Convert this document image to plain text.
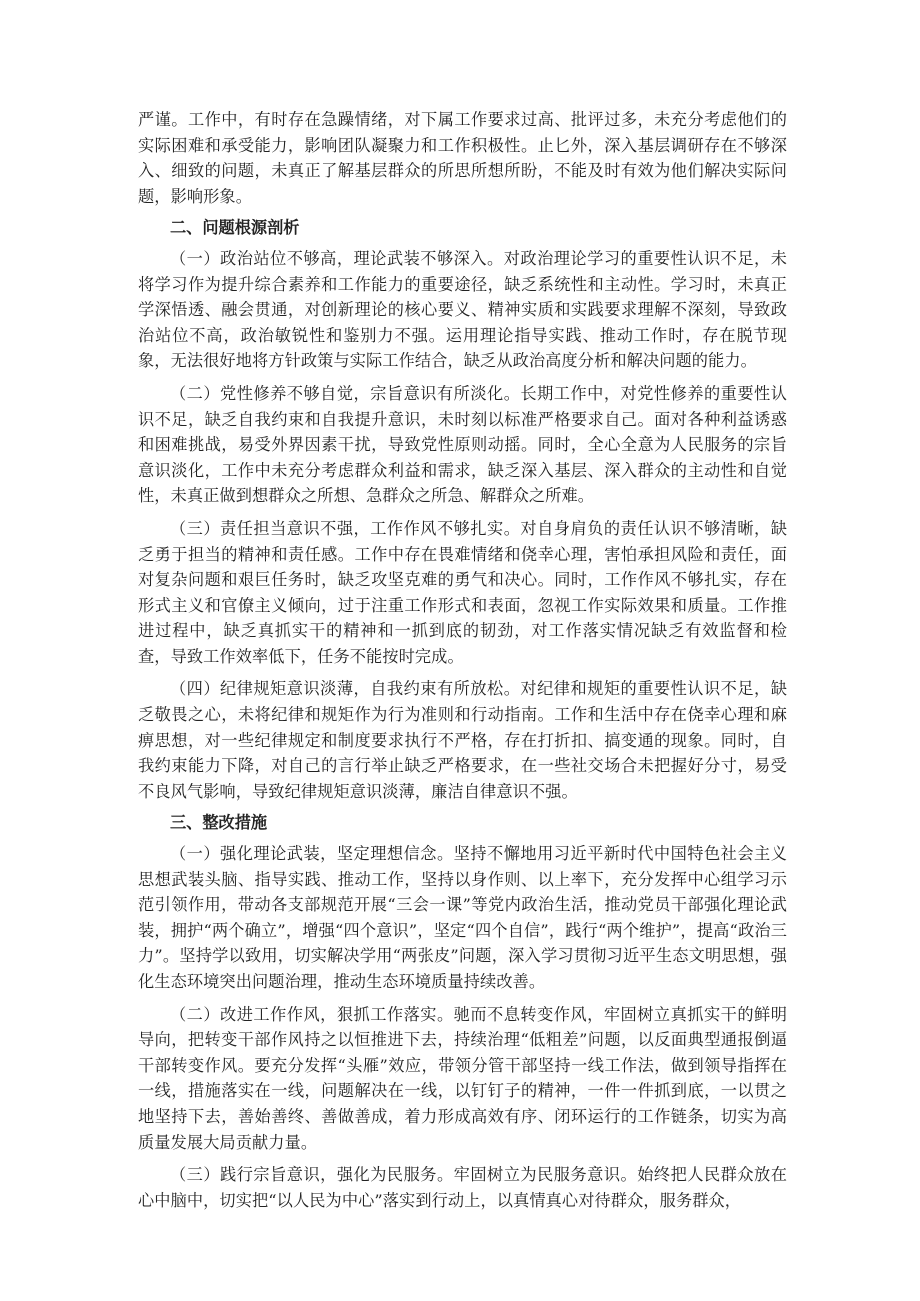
严谨。工作中，有时存在急躁情绪，对下属工作要求过高、批评过多，未充分考虑他们的实际困难和承受能力，影响团队凝聚力和工作积极性。止匕外，深入基层调研存在不够深入、细致的问题，未真正了解基层群众的所思所想所盼，不能及时有效为他们解决实际问题，影响形象。

二、问题根源剖析

（一）政治站位不够高，理论武装不够深入。对政治理论学习的重要性认识不足，未将学习作为提升综合素养和工作能力的重要途径，缺乏系统性和主动性。学习时，未真正学深悟透、融会贯通，对创新理论的核心要义、精神实质和实践要求理解不深刻，导致政治站位不高，政治敏锐性和鉴别力不强。运用理论指导实践、推动工作时，存在脱节现象，无法很好地将方针政策与实际工作结合，缺乏从政治高度分析和解决问题的能力。

（二）党性修养不够自觉，宗旨意识有所淡化。长期工作中，对党性修养的重要性认识不足，缺乏自我约束和自我提升意识，未时刻以标准严格要求自己。面对各种利益诱惑和困难挑战，易受外界因素干扰，导致党性原则动摇。同时，全心全意为人民服务的宗旨意识淡化，工作中未充分考虑群众利益和需求，缺乏深入基层、深入群众的主动性和自觉性，未真正做到想群众之所想、急群众之所急、解群众之所难。

（三）责任担当意识不强，工作作风不够扎实。对自身肩负的责任认识不够清晰，缺乏勇于担当的精神和责任感。工作中存在畏难情绪和侥幸心理，害怕承担风险和责任，面对复杂问题和艰巨任务时，缺乏攻坚克难的勇气和决心。同时，工作作风不够扎实，存在形式主义和官僚主义倾向，过于注重工作形式和表面，忽视工作实际效果和质量。工作推进过程中，缺乏真抓实干的精神和一抓到底的韧劲，对工作落实情况缺乏有效监督和检查，导致工作效率低下，任务不能按时完成。

（四）纪律规矩意识淡薄，自我约束有所放松。对纪律和规矩的重要性认识不足，缺乏敬畏之心，未将纪律和规矩作为行为准则和行动指南。工作和生活中存在侥幸心理和麻痹思想，对一些纪律规定和制度要求执行不严格，存在打折扣、搞变通的现象。同时，自我约束能力下降，对自己的言行举止缺乏严格要求，在一些社交场合未把握好分寸，易受不良风气影响，导致纪律规矩意识淡薄，廉洁自律意识不强。

三、整改措施

（一）强化理论武装，坚定理想信念。坚持不懈地用习近平新时代中国特色社会主义思想武装头脑、指导实践、推动工作，坚持以身作则、以上率下，充分发挥中心组学习示范引领作用，带动各支部规范开展“三会一课”等党内政治生活，推动党员干部强化理论武装，拥护“两个确立”，增强“四个意识”，坚定“四个自信”，践行“两个维护”，提高“政治三力”。坚持学以致用，切实解决学用“两张皮”问题，深入学习贯彻习近平生态文明思想，强化生态环境突出问题治理，推动生态环境质量持续改善。

（二）改进工作作风，狠抓工作落实。驰而不息转变作风，牢固树立真抓实干的鲜明导向，把转变干部作风持之以恒推进下去，持续治理“低粗差”问题，以反面典型通报倒逼干部转变作风。要充分发挥“头雁”效应，带领分管干部坚持一线工作法，做到领导指挥在一线，措施落实在一线，问题解决在一线，以钉钉子的精神，一件一件抓到底，一以贯之地坚持下去，善始善终、善做善成，着力形成高效有序、闭环运行的工作链条，切实为高质量发展大局贡献力量。

（三）践行宗旨意识，强化为民服务。牢固树立为民服务意识。始终把人民群众放在心中脑中，切实把“以人民为中心”落实到行动上，以真情真心对待群众，服务群众，
